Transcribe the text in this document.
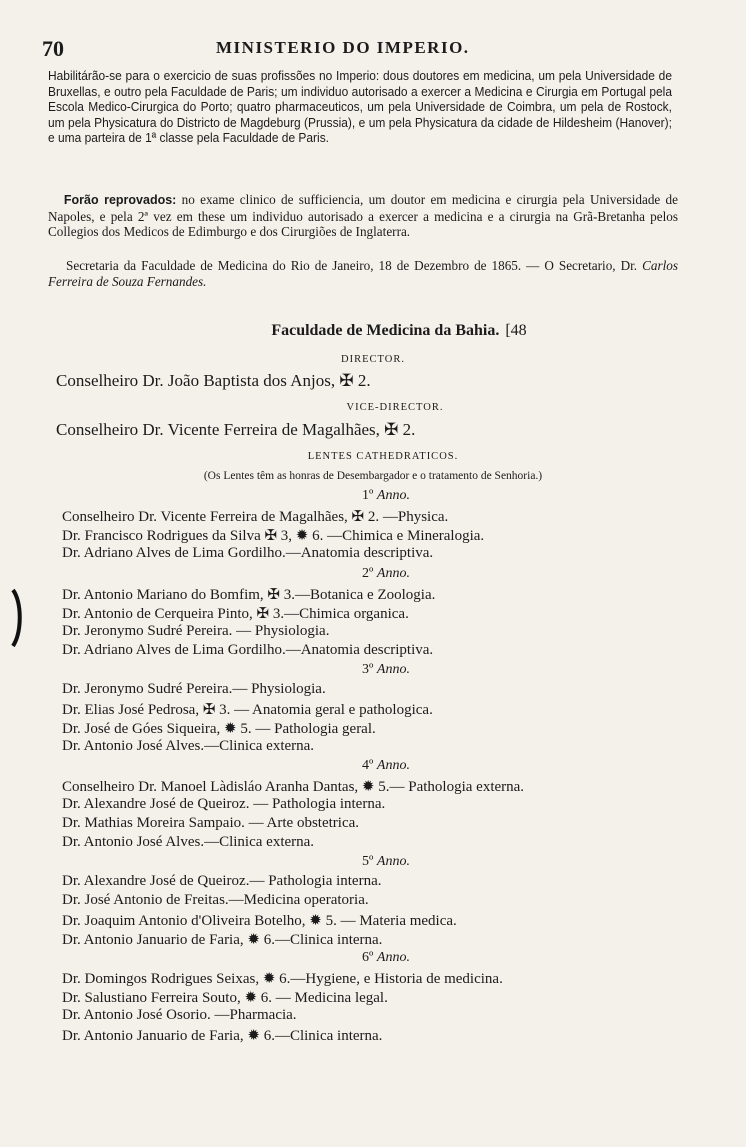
70	MINISTERIO DO IMPERIO.
Habilitárão-se para o exercicio de suas profissões no Imperio: dous doutores em medicina, um pela Universidade de Bruxellas, e outro pela Faculdade de Paris; um individuo autorisado a exercer a Medicina e Cirurgia em Portugal pela Escola Medico-Cirurgica do Porto; quatro pharmaceuticos, um pela Universidade de Coimbra, um pela de Rostock, um pela Physicatura do Districto de Magdeburg (Prussia), e um pela Physicatura da cidade de Hildesheim (Hanover); e uma parteira de 1ª classe pela Faculdade de Paris.
Forão reprovados: no exame clinico de sufficiencia, um doutor em medicina e cirurgia pela Universidade de Napoles, e pela 2ª vez em these um individuo autorisado a exercer a medicina e a cirurgia na Grã-Bretanha pelos Collegios dos Medicos de Edimburgo e dos Cirurgiões de Inglaterra.
Secretaria da Faculdade de Medicina do Rio de Janeiro, 18 de Dezembro de 1865. — O Secretario, Dr. Carlos Ferreira de Souza Fernandes.
Faculdade de Medicina da Bahia. [48
DIRECTOR.
Conselheiro Dr. João Baptista dos Anjos, ✠ 2.
VICE-DIRECTOR.
Conselheiro Dr. Vicente Ferreira de Magalhães, ✠ 2.
LENTES CATHEDRATICOS.
(Os Lentes têm as honras de Desembargador e o tratamento de Senhoria.)
1º Anno.
Conselheiro Dr. Vicente Ferreira de Magalhães, ✠ 2. —Physica.
Dr. Francisco Rodrigues da Silva ✠ 3, ✹ 6. —Chimica e Mineralogia.
Dr. Adriano Alves de Lima Gordilho.—Anatomia descriptiva.
2º Anno.
Dr. Antonio Mariano do Bomfim, ✠ 3.—Botanica e Zoologia.
Dr. Antonio de Cerqueira Pinto, ✠ 3.—Chimica organica.
Dr. Jeronymo Sudré Pereira. — Physiologia.
Dr. Adriano Alves de Lima Gordilho.—Anatomia descriptiva.
3º Anno.
Dr. Jeronymo Sudré Pereira.— Physiologia.
Dr. Elias José Pedrosa, ✠ 3. — Anatomia geral e pathologica.
Dr. José de Góes Siqueira, ✹ 5. — Pathologia geral.
Dr. Antonio José Alves.—Clinica externa.
4º Anno.
Conselheiro Dr. Manoel Làdisláo Aranha Dantas, ✹ 5.— Pathologia externa.
Dr. Alexandre José de Queiroz. — Pathologia interna.
Dr. Mathias Moreira Sampaio. — Arte obstetrica.
Dr. Antonio José Alves.—Clinica externa.
5º Anno.
Dr. Alexandre José de Queiroz.— Pathologia interna.
Dr. José Antonio de Freitas.—Medicina operatoria.
Dr. Joaquim Antonio d'Oliveira Botelho, ✹ 5. — Materia medica.
Dr. Antonio Januario de Faria, ✹ 6.—Clinica interna.
6º Anno.
Dr. Domingos Rodrigues Seixas, ✹ 6.—Hygiene, e Historia de medicina.
Dr. Salustiano Ferreira Souto, ✹ 6. — Medicina legal.
Dr. Antonio José Osorio. —Pharmacia.
Dr. Antonio Januario de Faria, ✹ 6.—Clinica interna.
